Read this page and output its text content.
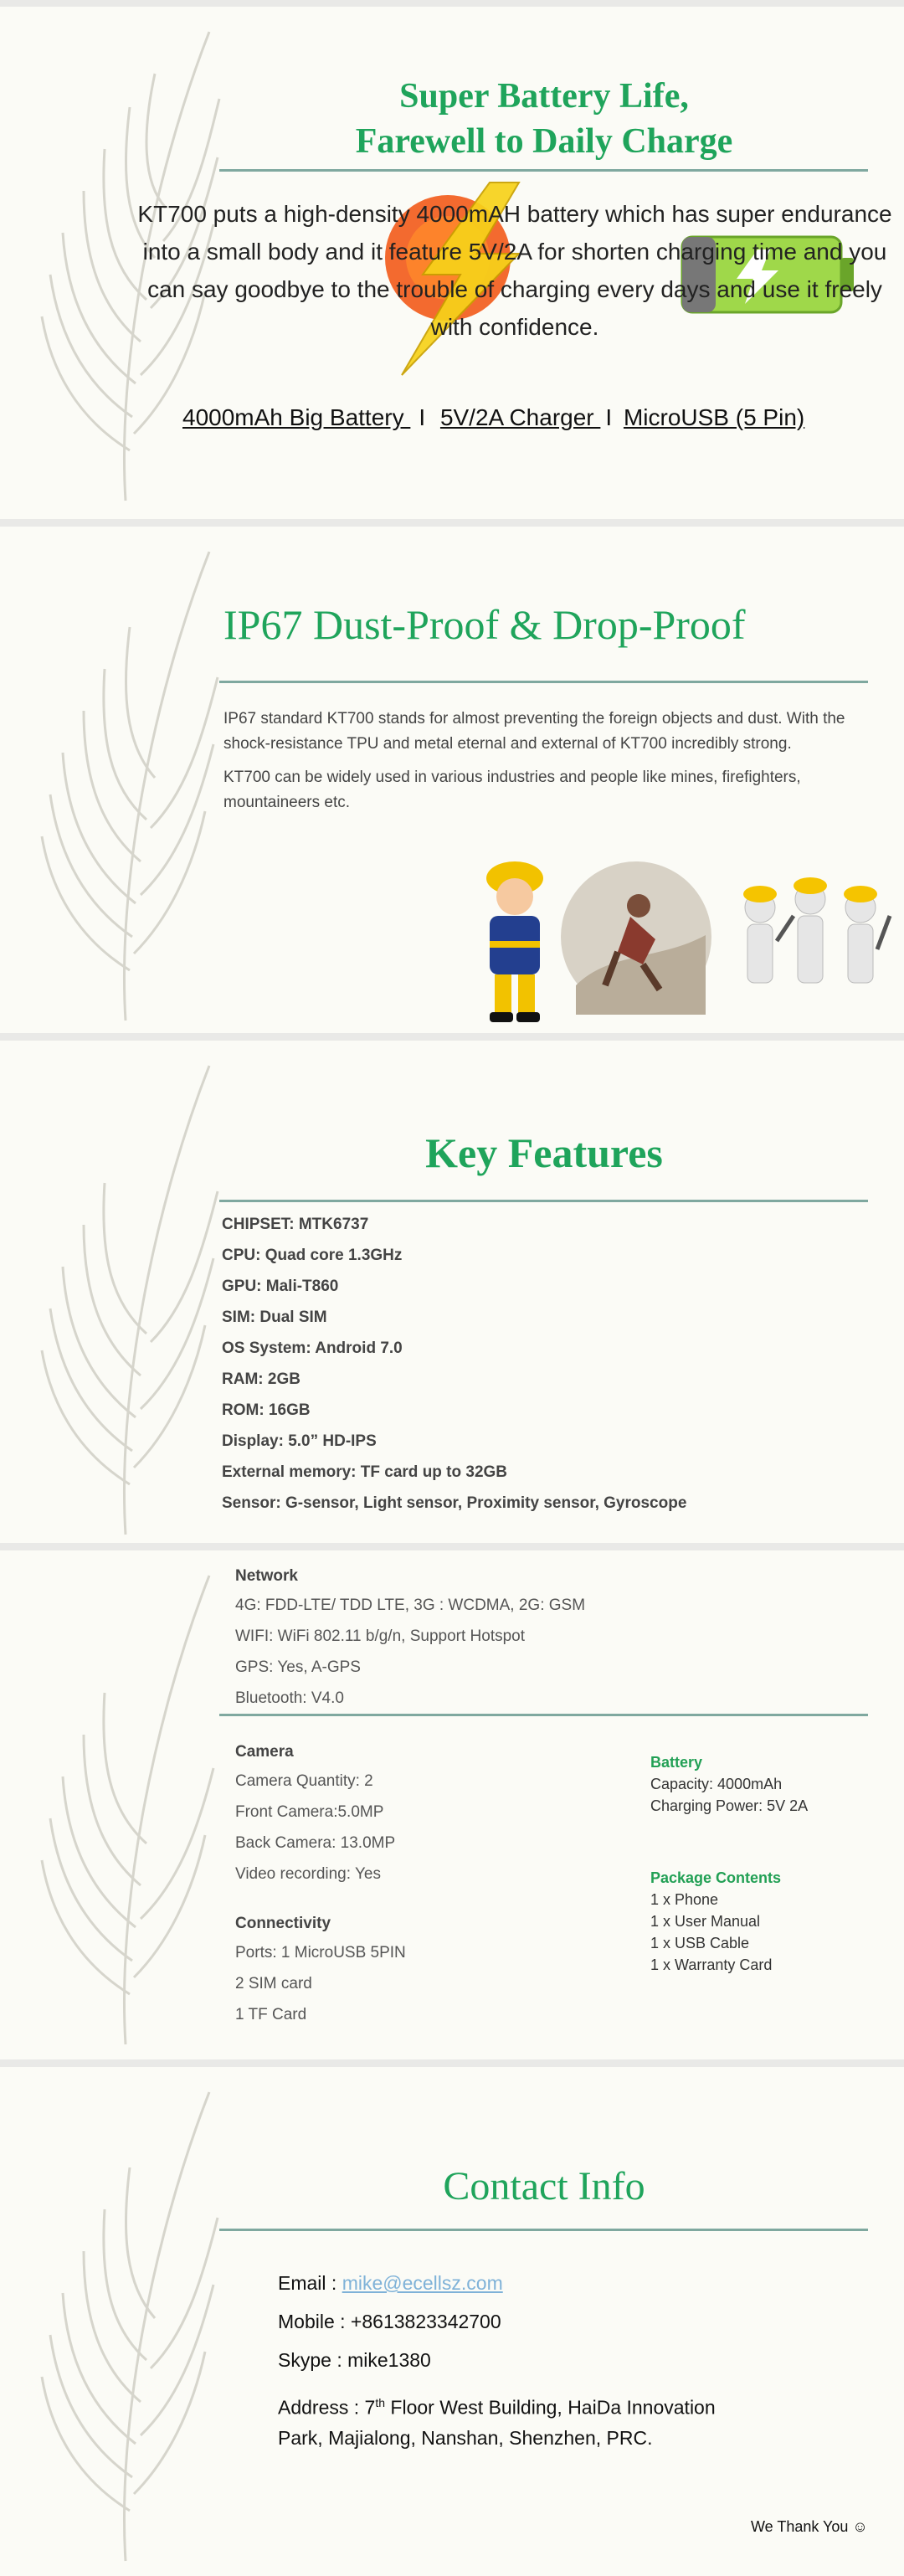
Super Battery Life,
Farewell to Daily Charge
KT700 puts a high-density 4000mAH battery which has super endurance into a small body and it feature 5V/2A for shorten charging time and you can say goodbye to the trouble of charging every days and use it freely with confidence.
4000mAh Big Battery I 5V/2A Charger I MicroUSB (5 Pin)
IP67 Dust-Proof & Drop-Proof

IP67 standard KT700 stands for almost preventing the foreign objects and dust. With the shock-resistance TPU and metal eternal and external of KT700 incredibly strong.

KT700 can be widely used in various industries and people like mines, firefighters, mountaineers etc.

Key Features

CHIPSET: MTK6737

CPU: Quad core 1.3GHz

GPU: Mali-T860

SIM: Dual SIM

OS System: Android 7.0

RAM: 2GB

ROM: 16GB

Display: 5.0” HD-IPS

External memory: TF card up to 32GB

Sensor: G-sensor, Light sensor, Proximity sensor, Gyroscope

Network

4G: FDD-LTE/ TDD LTE, 3G : WCDMA, 2G: GSM

WIFI: WiFi 802.11 b/g/n, Support Hotspot

GPS: Yes, A-GPS

Bluetooth: V4.0

Camera

Camera Quantity: 2

Front Camera:5.0MP

Back Camera: 13.0MP

Video recording: Yes

Connectivity

Ports: 1 MicroUSB 5PIN

2 SIM card

1 TF Card

Battery

Capacity: 4000mAh

Charging Power: 5V 2A

Package Contents

1 x Phone

1 x User Manual

1 x USB Cable

1 x Warranty Card

Contact Info
Email : mike@ecellsz.com
Mobile : +8613823342700
Skype : mike1380
Address : 7th Floor West Building, HaiDa Innovation
Park, Majialong, Nanshan, Shenzhen, PRC.
We Thank You ☺
